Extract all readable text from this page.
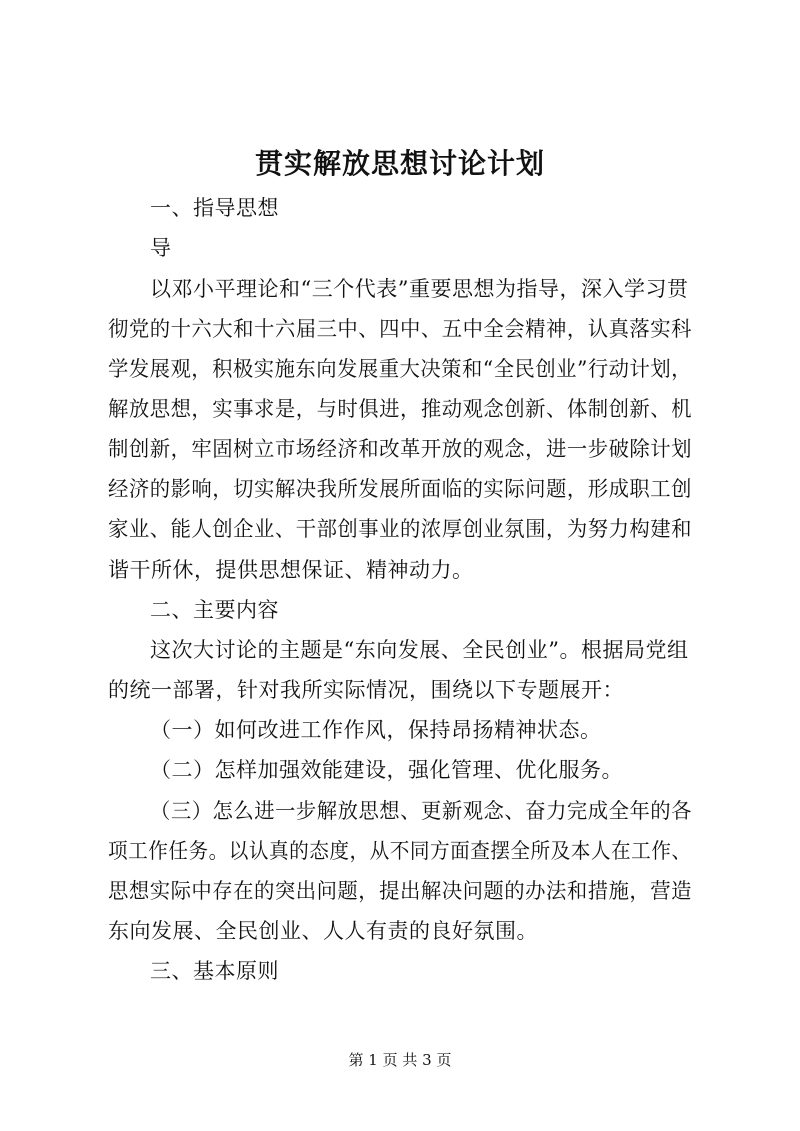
贯实解放思想讨论计划
一、指导思想
导
以邓小平理论和“三个代表”重要思想为指导，深入学习贯
彻党的十六大和十六届三中、四中、五中全会精神，认真落实科
学发展观，积极实施东向发展重大决策和“全民创业”行动计划，
解放思想，实事求是，与时俱进，推动观念创新、体制创新、机
制创新，牢固树立市场经济和改革开放的观念，进一步破除计划
经济的影响，切实解决我所发展所面临的实际问题，形成职工创
家业、能人创企业、干部创事业的浓厚创业氛围，为努力构建和
谐干所休，提供思想保证、精神动力。
二、主要内容
这次大讨论的主题是“东向发展、全民创业”。根据局党组
的统一部署，针对我所实际情况，围绕以下专题展开：
（一）如何改进工作作风，保持昂扬精神状态。
（二）怎样加强效能建设，强化管理、优化服务。
（三）怎么进一步解放思想、更新观念、奋力完成全年的各
项工作任务。以认真的态度，从不同方面查摆全所及本人在工作、
思想实际中存在的突出问题，提出解决问题的办法和措施，营造
东向发展、全民创业、人人有责的良好氛围。
三、基本原则
第 1 页 共 3 页
